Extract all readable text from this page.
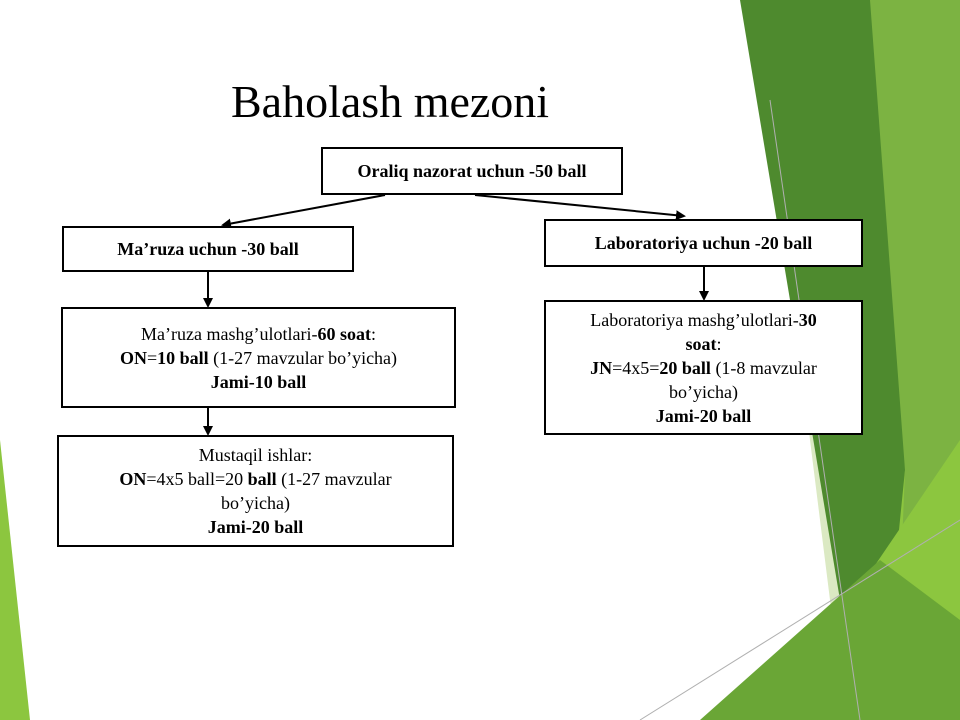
Baholash mezoni
Oraliq nazorat uchun -50 ball
Ma’ruza uchun -30 ball	Laboratoriya uchun -20 ball
Ma’ruza mashg’ulotlari-60 soat:
ON=10 ball (1-27 mavzular bo’yicha)
Jami-10 ball
Mustaqil ishlar:
ON=4x5 ball=20 ball (1-27 mavzular
bo’yicha)
Jami-20 ball
Laboratoriya mashg’ulotlari-30
soat:
JN=4x5=20 ball (1-8 mavzular
bo’yicha)
Jami-20 ball
